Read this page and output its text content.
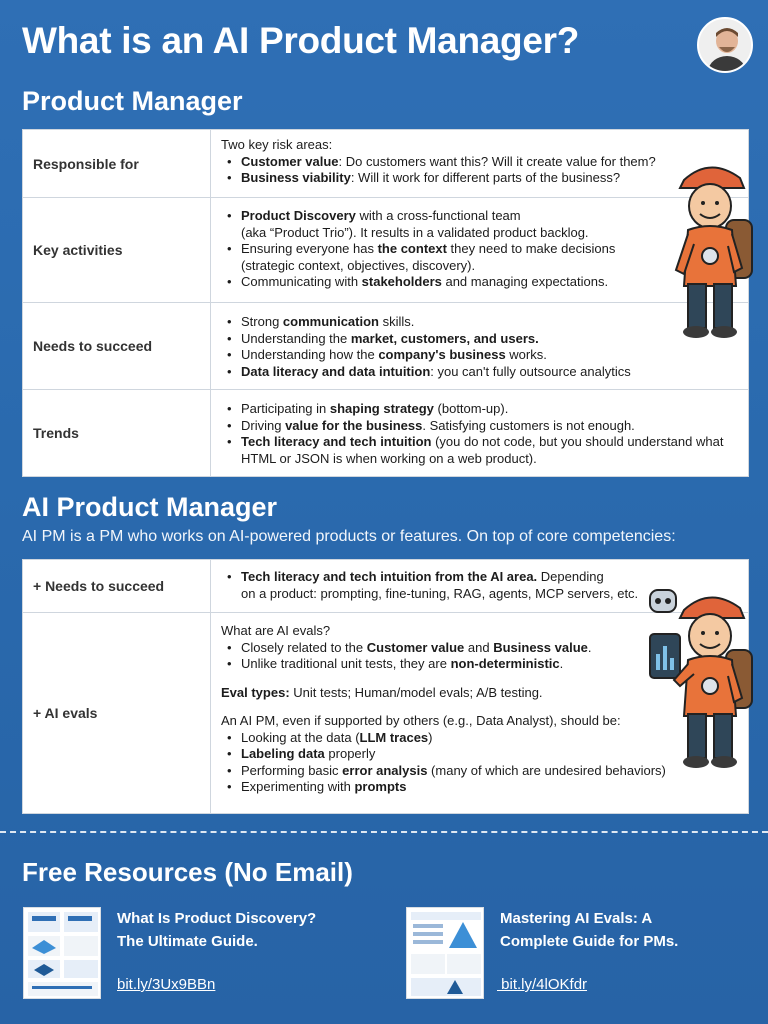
What is an AI Product Manager?
Product Manager
Responsible for

Two key risk areas:

• Customer value: Do customers want this? Will it create value for them?
• Business viability: Will it work for different parts of the business?
Key activities
• Product Discovery with a cross-functional team
(aka “Product Trio”). It results in a validated product backlog.
• Ensuring everyone has the context they need to make decisions
(strategic context, objectives, discovery).
• Communicating with stakeholders and managing expectations.
Needs to succeed
• Strong communication skills.
• Understanding the market, customers, and users.
• Understanding how the company's business works.
• Data literacy and data intuition: you can't fully outsource analytics
Trends
• Participating in shaping strategy (bottom-up).
• Driving value for the business. Satisfying customers is not enough.
• Tech literacy and tech intuition (you do not code, but you should understand what
HTML or JSON is when working on a web product).
AI Product Manager
AI PM is a PM who works on AI-powered products or features. On top of core competencies:
+ Needs to succeed
• Tech literacy and tech intuition from the AI area. Depending
on a product: prompting, fine-tuning, RAG, agents, MCP servers, etc.
+ AI evals

What are AI evals?

• Closely related to the Customer value and Business value.
• Unlike traditional unit tests, they are non-deterministic.

Eval types: Unit tests; Human/model evals; A/B testing.

An AI PM, even if supported by others (e.g., Data Analyst), should be:

• Looking at the data (LLM traces)
• Labeling data properly
• Performing basic error analysis (many of which are undesired behaviors)
• Experimenting with prompts
Free Resources (No Email)
What Is Product Discovery?
The Ultimate Guide.
bit.ly/3Ux9BBn
Mastering AI Evals: A
Complete Guide for PMs.
bit.ly/4lOKfdr
